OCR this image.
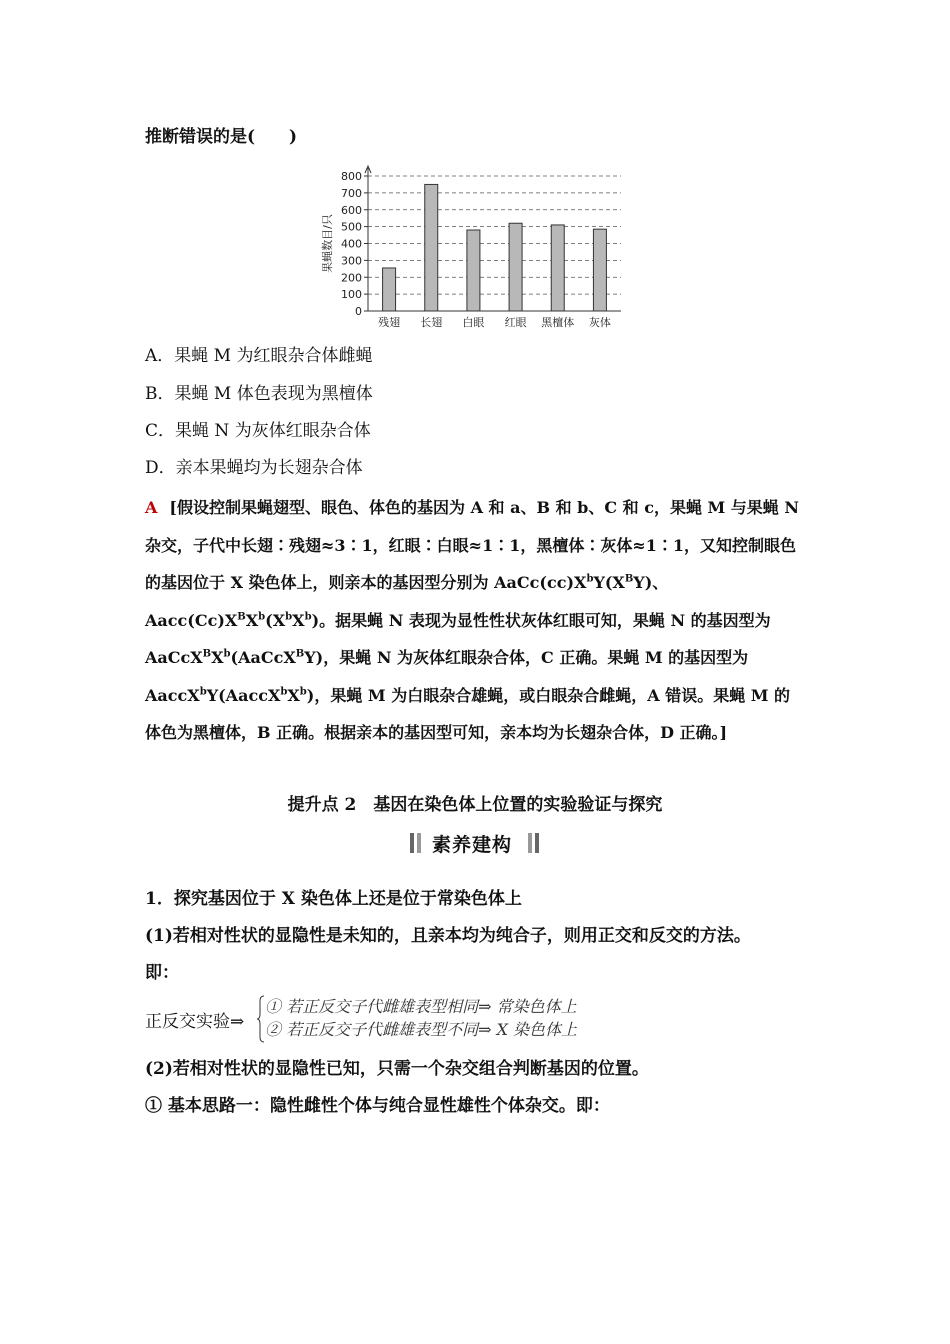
推断错误的是(　　)
0
100
200
300
400
500
600
700
800
残翅 长翅 白眼 红眼 黑檀体 灰体
果蝇数目/只
A．果蝇 M 为红眼杂合体雌蝇
B．果蝇 M 体色表现为黑檀体
C．果蝇 N 为灰体红眼杂合体
D．亲本果蝇均为长翅杂合体
A [假设控制果蝇翅型、眼色、体色的基因为 A 和 a、B 和 b、C 和 c，果蝇 M 与果蝇 N 杂交，子代中长翅∶残翅≈3∶1，红眼∶白眼≈1∶1，黑檀体∶灰体≈1∶1，又知控制眼色的基因位于 X 染色体上，则亲本的基因型分别为 $AaCc(cc)X^bY(X^BY)$、$Aacc(Cc)X^BX^b(X^bX^b)$。据果蝇 N 表现为显性性状灰体红眼可知，果蝇 N 的基因型为 $AaCcX^BX^b(AaCcX^BY)$，果蝇 N 为灰体红眼杂合体，C 正确。果蝇 M 的基因型为 $AaccX^bY(AaccX^bX^b)$，果蝇 M 为白眼杂合雄蝇，或白眼杂合雌蝇，A 错误。果蝇 M 的体色为黑檀体，B 正确。根据亲本的基因型可知，亲本均为长翅杂合体，D 正确。]
提升点 2　基因在染色体上位置的实验验证与探究
素养建构
1．探究基因位于 X 染色体上还是位于常染色体上
(1)若相对性状的显隐性是未知的，且亲本均为纯合子，则用正交和反交的方法。
即：
正反交实验⇒
① 若正反交子代雌雄表型相同⇒ 常染色体上
② 若正反交子代雌雄表型不同⇒ X 染色体上
(2)若相对性状的显隐性已知，只需一个杂交组合判断基因的位置。
① 基本思路一：隐性雌性个体与纯合显性雄性个体杂交。即：
